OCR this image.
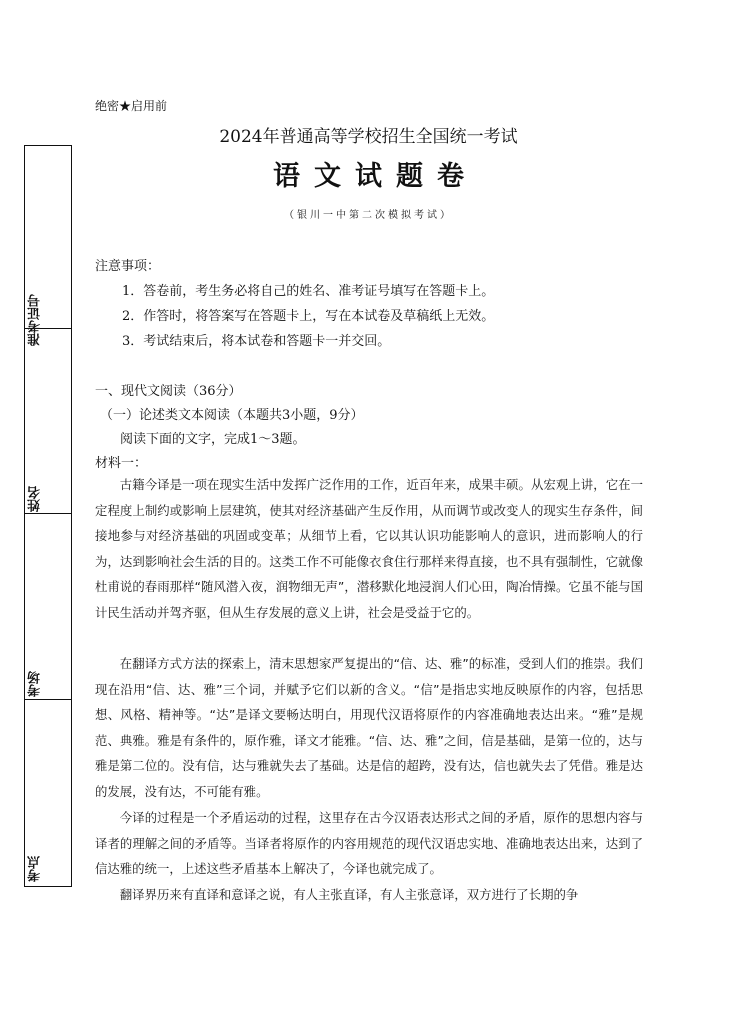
准考证号
姓名
考场
考点
绝密★启用前
2024年普通高等学校招生全国统一考试
语文试题卷
（银川一中第二次模拟考试）
注意事项：
1．答卷前，考生务必将自己的姓名、准考证号填写在答题卡上。
2．作答时，将答案写在答题卡上，写在本试卷及草稿纸上无效。
3．考试结束后，将本试卷和答题卡一并交回。
一、现代文阅读（36分）
（一）论述类文本阅读（本题共3小题，9分）
阅读下面的文字，完成1～3题。
材料一：

古籍今译是一项在现实生活中发挥广泛作用的工作，近百年来，成果丰硕。从宏观上讲，它在一定程度上制约或影响上层建筑，使其对经济基础产生反作用，从而调节或改变人的现实生存条件，间接地参与对经济基础的巩固或变革；从细节上看，它以其认识功能影响人的意识，进而影响人的行为，达到影响社会生活的目的。这类工作不可能像衣食住行那样来得直接，也不具有强制性，它就像杜甫说的春雨那样“随风潜入夜，润物细无声”，潜移默化地浸润人们心田，陶冶情操。它虽不能与国计民生活动并驾齐驱，但从生存发展的意义上讲，社会是受益于它的。

在翻译方式方法的探索上，清末思想家严复提出的“信、达、雅”的标准，受到人们的推崇。我们现在沿用“信、达、雅”三个词，并赋予它们以新的含义。“信”是指忠实地反映原作的内容，包括思想、风格、精神等。“达”是译文要畅达明白，用现代汉语将原作的内容准确地表达出来。“雅”是规范、典雅。雅是有条件的，原作雅，译文才能雅。“信、达、雅”之间，信是基础，是第一位的，达与雅是第二位的。没有信，达与雅就失去了基础。达是信的超跨，没有达，信也就失去了凭借。雅是达的发展，没有达，不可能有雅。

今译的过程是一个矛盾运动的过程，这里存在古今汉语表达形式之间的矛盾，原作的思想内容与译者的理解之间的矛盾等。当译者将原作的内容用规范的现代汉语忠实地、准确地表达出来，达到了信达雅的统一，上述这些矛盾基本上解决了，今译也就完成了。

翻译界历来有直译和意译之说，有人主张直译，有人主张意译，双方进行了长期的争
